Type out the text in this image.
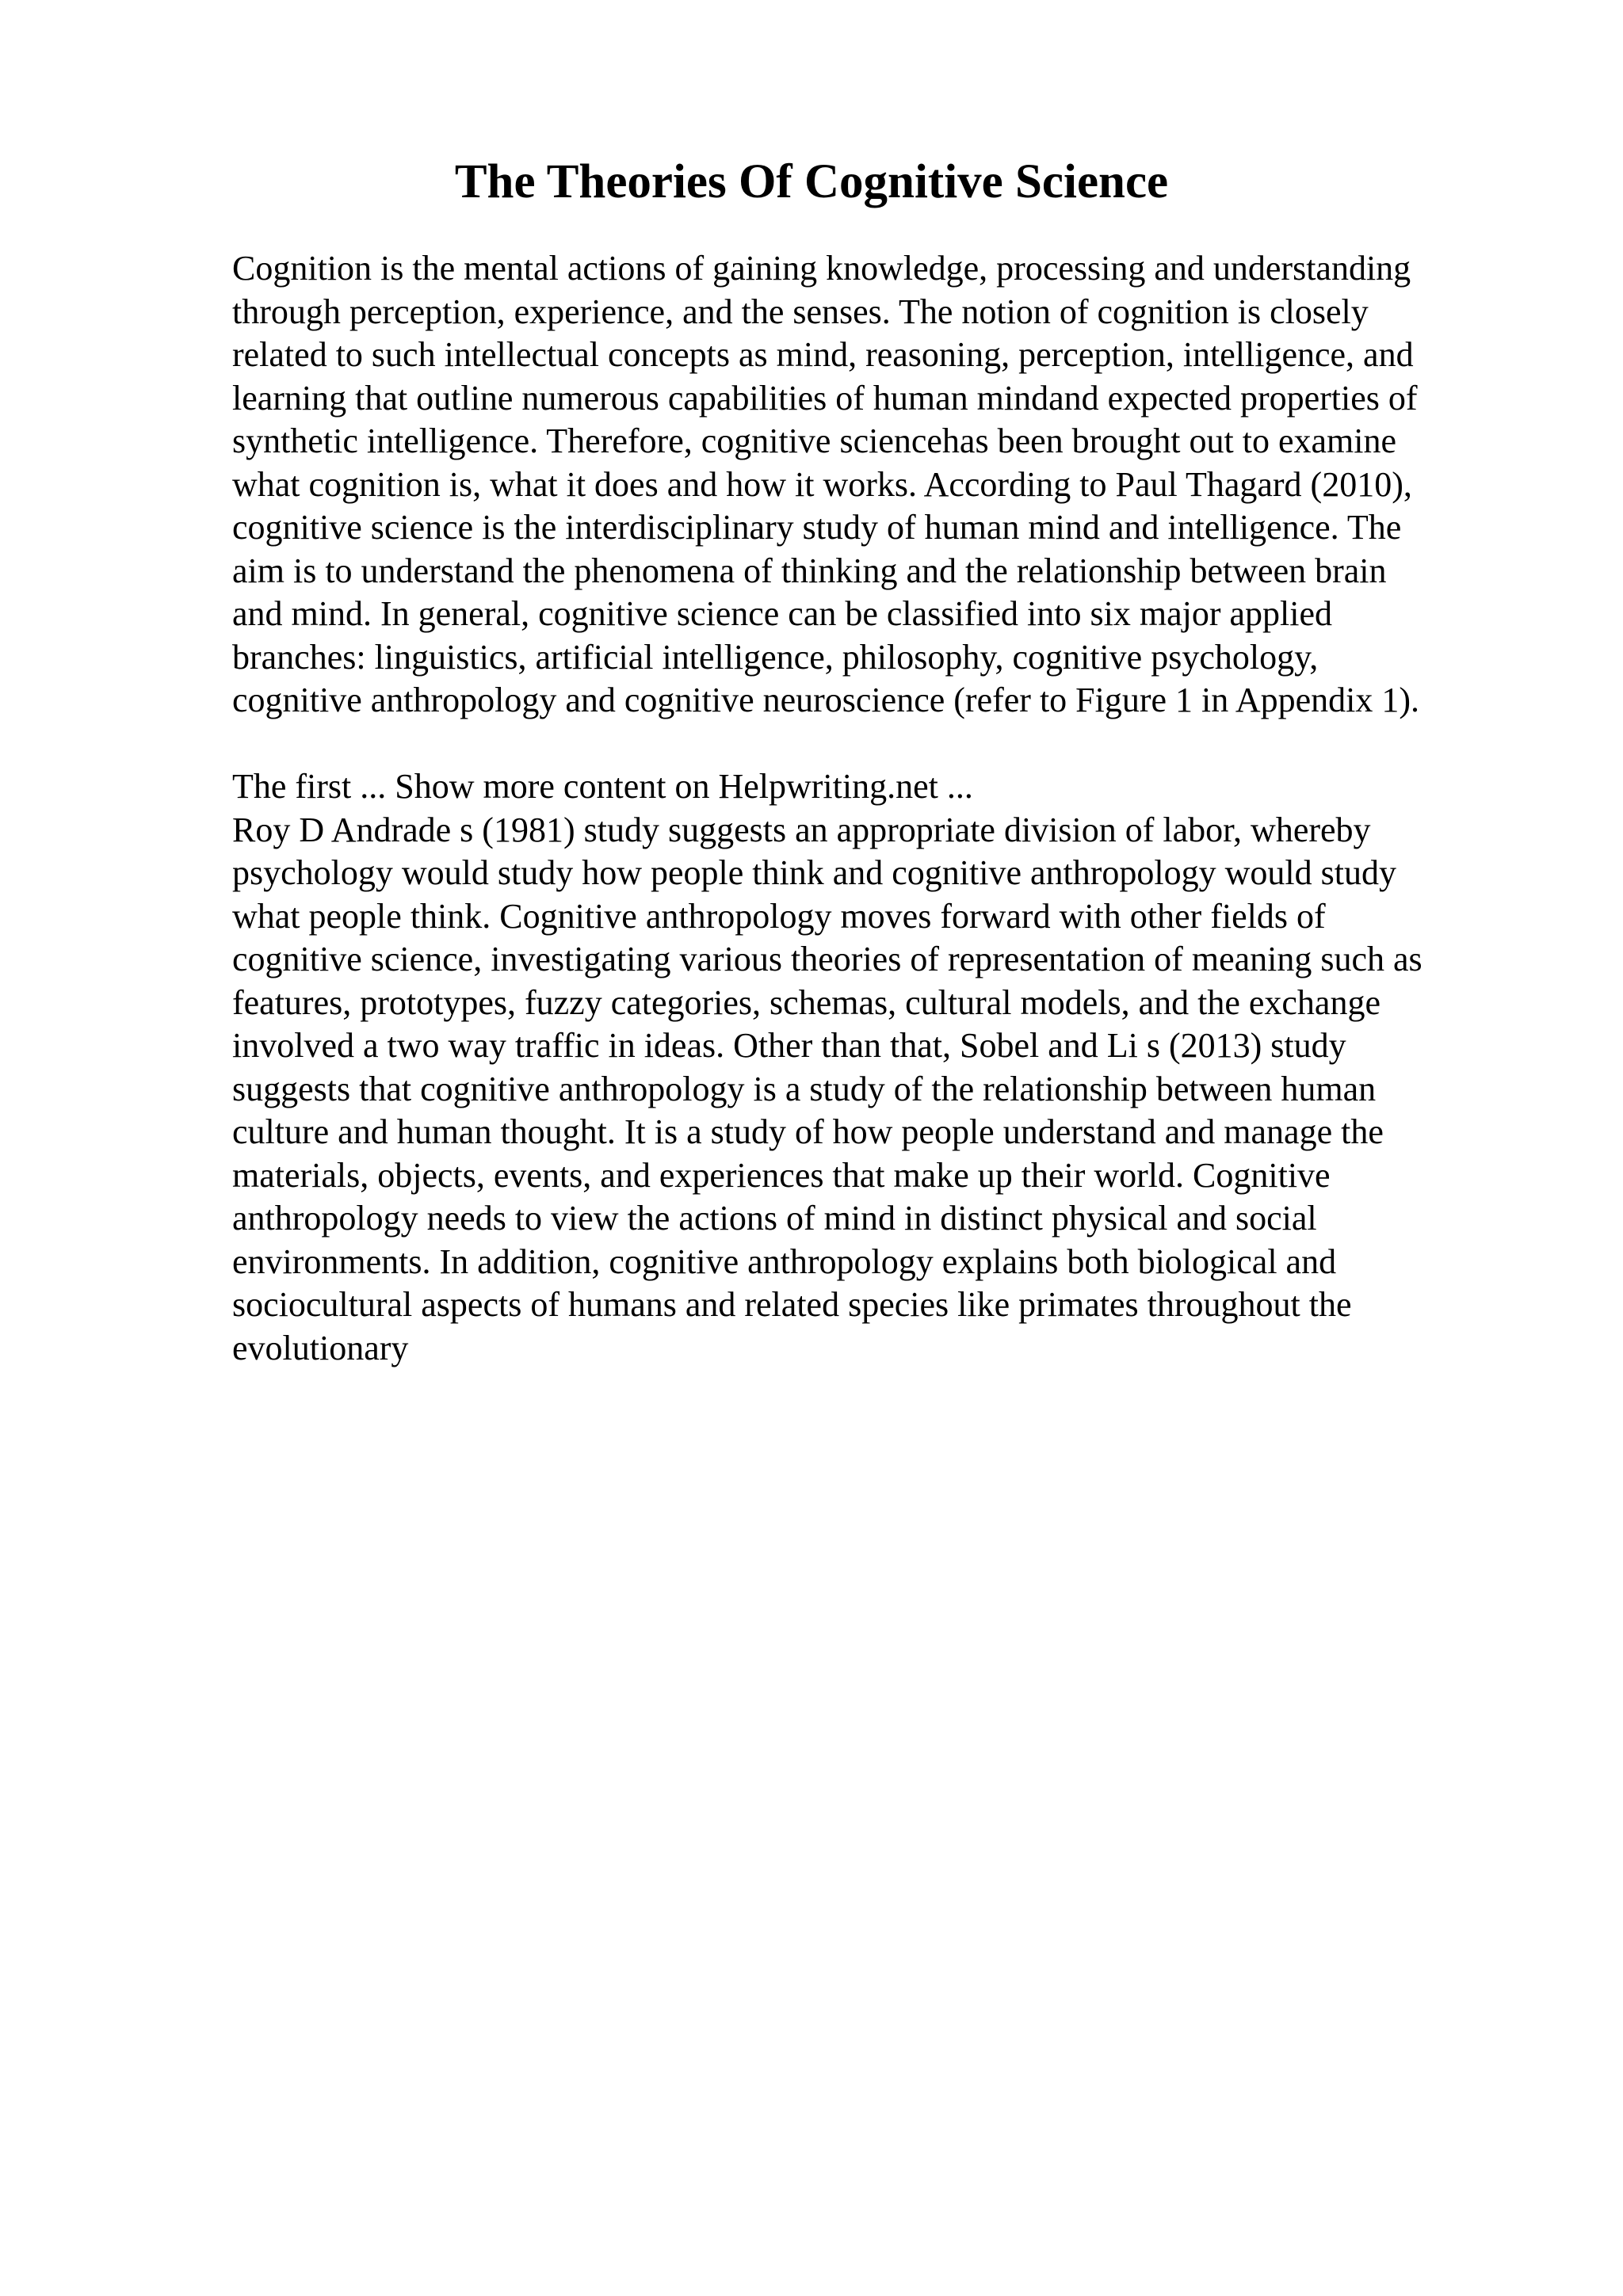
The Theories Of Cognitive Science
Cognition is the mental actions of gaining knowledge, processing and understanding
through perception, experience, and the senses. The notion of cognition is closely
related to such intellectual concepts as mind, reasoning, perception, intelligence, and
learning that outline numerous capabilities of human mindand expected properties of
synthetic intelligence. Therefore, cognitive sciencehas been brought out to examine
what cognition is, what it does and how it works. According to Paul Thagard (2010),
cognitive science is the interdisciplinary study of human mind and intelligence. The
aim is to understand the phenomena of thinking and the relationship between brain
and mind. In general, cognitive science can be classified into six major applied
branches: linguistics, artificial intelligence, philosophy, cognitive psychology,
cognitive anthropology and cognitive neuroscience (refer to Figure 1 in Appendix 1).
The first ... Show more content on Helpwriting.net ...
Roy D Andrade s (1981) study suggests an appropriate division of labor, whereby
psychology would study how people think and cognitive anthropology would study
what people think. Cognitive anthropology moves forward with other fields of
cognitive science, investigating various theories of representation of meaning such as
features, prototypes, fuzzy categories, schemas, cultural models, and the exchange
involved a two way traffic in ideas. Other than that, Sobel and Li s (2013) study
suggests that cognitive anthropology is a study of the relationship between human
culture and human thought. It is a study of how people understand and manage the
materials, objects, events, and experiences that make up their world. Cognitive
anthropology needs to view the actions of mind in distinct physical and social
environments. In addition, cognitive anthropology explains both biological and
sociocultural aspects of humans and related species like primates throughout the
evolutionary
